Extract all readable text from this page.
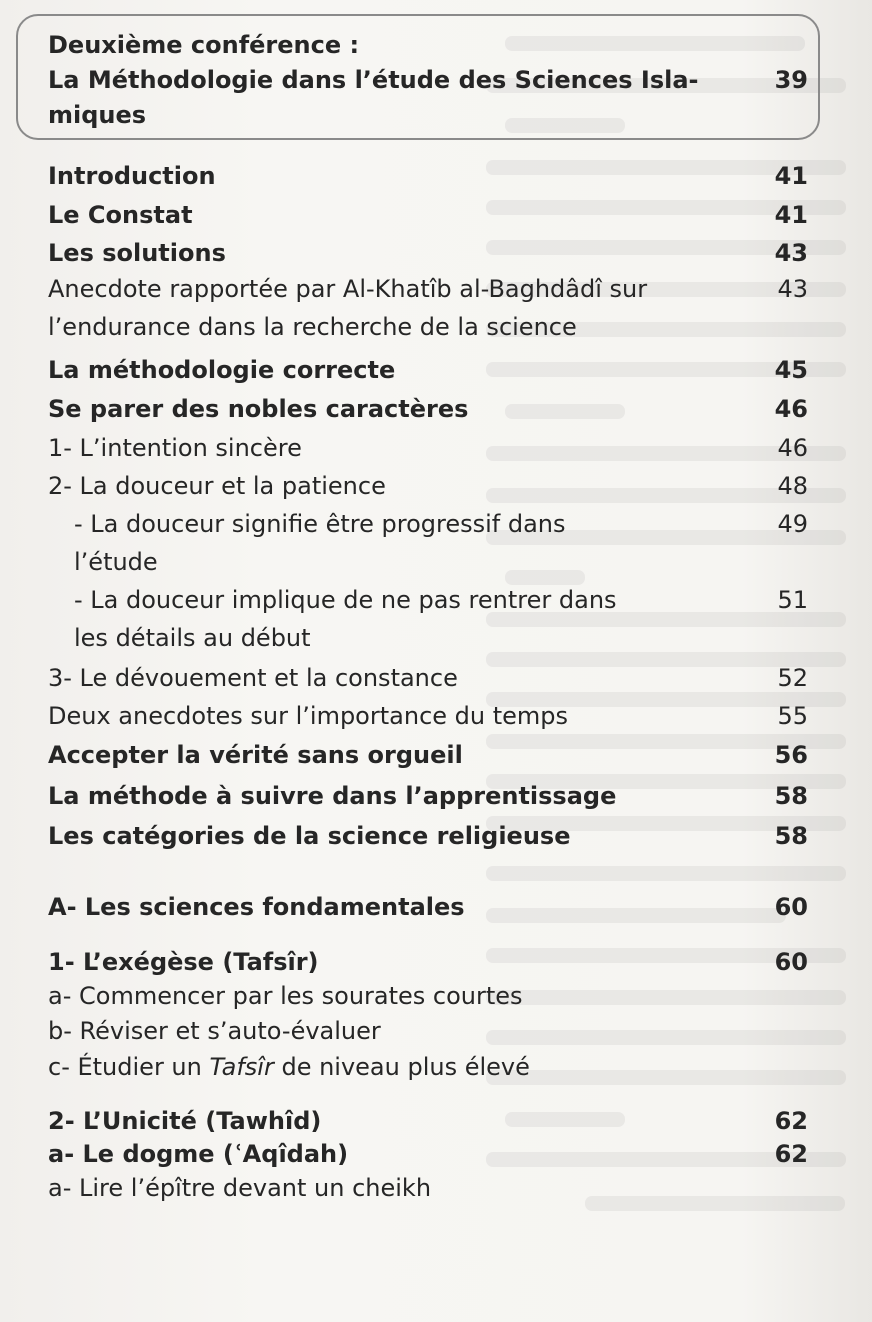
Deuxième conférence :
La Méthodologie dans l’étude des Sciences Isla-	39
miques
Introduction	41
Le Constat	41
Les solutions	43
Anecdote rapportée par Al-Khatîb al-Baghdâdî sur	43
l’endurance dans la recherche de la science
La méthodologie correcte	45
Se parer des nobles caractères	46
1- L’intention sincère	46
2- La douceur et la patience	48
- La douceur signifie être progressif dans	49
l’étude
- La douceur implique de ne pas rentrer dans	51
les détails au début
3- Le dévouement et la constance	52
Deux anecdotes sur l’importance du temps	55
Accepter la vérité sans orgueil	56
La méthode à suivre dans l’apprentissage	58
Les catégories de la science religieuse	58
A- Les sciences fondamentales	60
1- L’exégèse (Tafsîr)	60
a- Commencer par les sourates courtes
b- Réviser et s’auto-évaluer
c- Étudier un Tafsîr de niveau plus élevé
2- L’Unicité (Tawhîd)	62
a- Le dogme (ʿAqîdah)	62
a- Lire l’épître devant un cheikh
